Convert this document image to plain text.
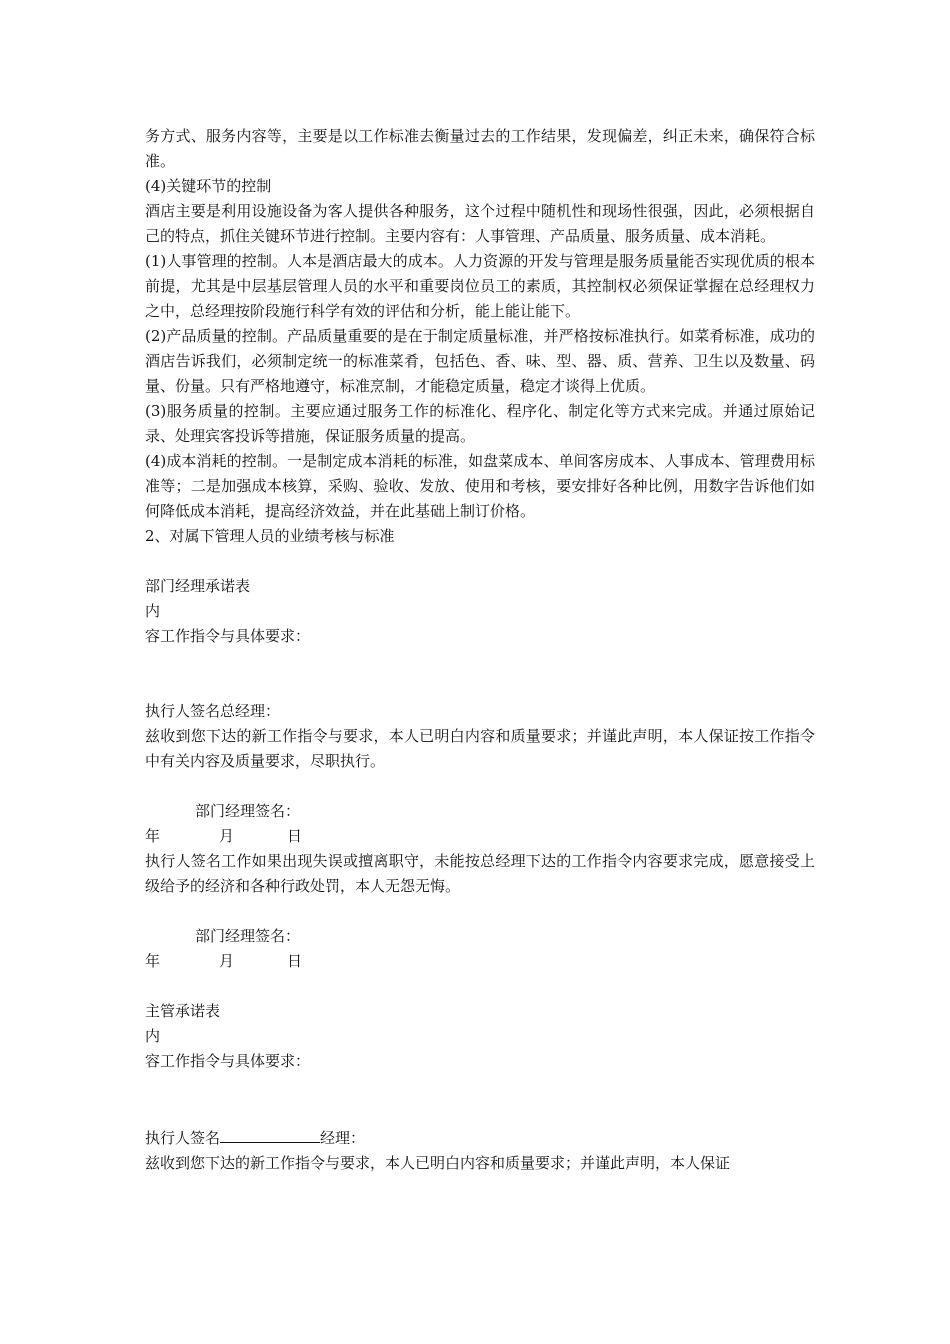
务方式、服务内容等，主要是以工作标准去衡量过去的工作结果，发现偏差，纠正未来，确保符合标准。

(4)关键环节的控制

酒店主要是利用设施设备为客人提供各种服务，这个过程中随机性和现场性很强，因此，必须根据自己的特点，抓住关键环节进行控制。主要内容有：人事管理、产品质量、服务质量、成本消耗。

(1)人事管理的控制。人本是酒店最大的成本。人力资源的开发与管理是服务质量能否实现优质的根本前提，尤其是中层基层管理人员的水平和重要岗位员工的素质，其控制权必须保证掌握在总经理权力之中，总经理按阶段施行科学有效的评估和分析，能上能让能下。

(2)产品质量的控制。产品质量重要的是在于制定质量标准，并严格按标准执行。如菜肴标准，成功的酒店告诉我们，必须制定统一的标准菜肴，包括色、香、味、型、器、质、营养、卫生以及数量、码量、份量。只有严格地遵守，标准烹制，才能稳定质量，稳定才谈得上优质。

(3)服务质量的控制。主要应通过服务工作的标准化、程序化、制定化等方式来完成。并通过原始记录、处理宾客投诉等措施，保证服务质量的提高。

(4)成本消耗的控制。一是制定成本消耗的标准，如盘菜成本、单间客房成本、人事成本、管理费用标准等；二是加强成本核算，采购、验收、发放、使用和考核，要安排好各种比例，用数字告诉他们如何降低成本消耗，提高经济效益，并在此基础上制订价格。

2、对属下管理人员的业绩考核与标准

部门经理承诺表

内

容工作指令与具体要求：

执行人签名总经理：

兹收到您下达的新工作指令与要求，本人已明白内容和质量要求；并谨此声明，本人保证按工作指令中有关内容及质量要求，尽职执行。

部门经理签名：

年	月	日

执行人签名工作如果出现失误或擅离职守，未能按总经理下达的工作指令内容要求完成，愿意接受上级给予的经济和各种行政处罚，本人无怨无悔。

部门经理签名：

年	月	日

主管承诺表

内

容工作指令与具体要求：

执行人签名	经理：

兹收到您下达的新工作指令与要求，本人已明白内容和质量要求；并谨此声明，本人保证
